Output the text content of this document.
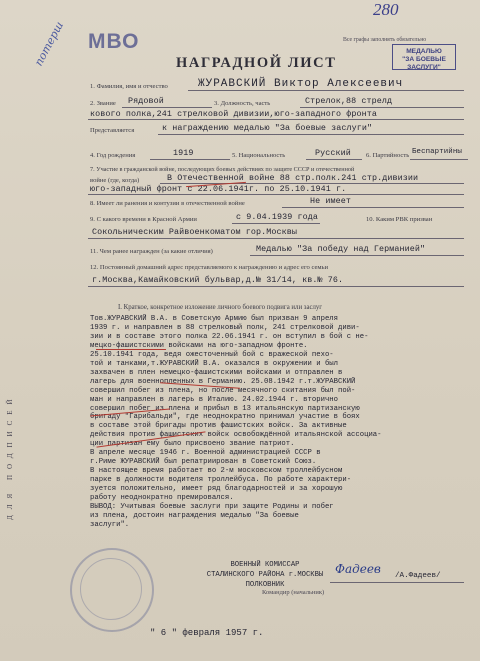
280
МВО	Все графы заполнять обязательно
МЕДАЛЬЮ
"ЗА БОЕВЫЕ ЗАСЛУГИ"
НАГРАДНОЙ ЛИСТ
потерш
1. Фамилия, имя и отчество	ЖУРАВСКИЙ Виктор Алексеевич
2. Звание Рядовой	3. Должность, часть	Стрелок,88 стрелд
кового полка,241 стрелковой дивизии,юго-западного фронта
Представляется	к награждению медалью "За боевые заслуги"
4. Год рождения	1919	5. Национальность	Русский 6. Партийность Беспартийны
7. Участие в гражданской войне, последующих боевых действиях по защите СССР и отечественной
войне (где, когда)	В Отечественной войне 88 стр.полк.241 стр.дивизии
юго-западный фронт с 22.06.1941г. по 25.10.1941 г.
8. Имеет ли ранения и контузии в отечественной войне	Не имеет
9. С какого времени в Красной Армии	с 9.04.1939 года	10. Каким РВК призван
Сокольническим Райвоенкоматом гор.Москвы
11. Чем ранее награжден (за какие отличия)	Медалью "За победу над Германией"
12. Постоянный домашний адрес представляемого к награждению и адрес его семьи
г.Москва,Камайковский бульвар,д.№ 31/14, кв.№ 76.
I. Краткое, конкретное изложение личного боевого подвига или заслуг
Тов.ЖУРАВСКИЙ В.А. в Советскую Армию был призван 9 апреля
1939 г. и направлен в 88 стрелковый полк, 241 стрелковой диви-
зии и в составе этого полка 22.06.1941 г. он вступил в бой с не-
мецко-фашистскими войсками на юго-западном фронте.
25.10.1941 года, ведя ожесточенный бой с вражеской пехо-
той и танками,т.ЖУРАВСКИЙ В.А. оказался в окружении и был
захвачен в плен немецко-фашистскими войсками и отправлен в
лагерь для военнопленных в Германию. 25.08.1942 г.т.ЖУРАВСКИЙ
совершил побег из плена, но после месячного скитания был пой-
ман и направлен в лагерь в Италию. 24.02.1944 г. вторично
совершил побег из плена и прибыл в 13 итальянскую партизанскую
бригаду "Гарибальди", где неоднократно принимал участие в боях
в составе этой бригады против фашистских войск. За активные
действия против фашистских войск освобождённой итальянской ассоциа-
ции партизан ему было присвоено звание патриот.
В апреле месяце 1946 г. Военной администрацией СССР в
г.Риме ЖУРАВСКИЙ был репатриирован в Советский Союз.
В настоящее время работает во 2-м московском троллейбусном
парке в должности водителя троллейбуса. По работе характери-
зуется положительно, имеет ряд благодарностей и за хорошую
работу неоднократно премировался.
ВЫВОД: Учитывая боевые заслуги при защите Родины и побег
из плена, достоин награждения медалью "За боевые
заслуги".
ДЛЯ ПОДПИСЕЙ
ВОЕННЫЙ КОМИССАР
СТАЛИНСКОГО РАЙОНА г.МОСКВЫ
ПОЛКОВНИК
Фадеев /А.Фадеев/
Командир (начальник)
" 6 " февраля 1957 г.
